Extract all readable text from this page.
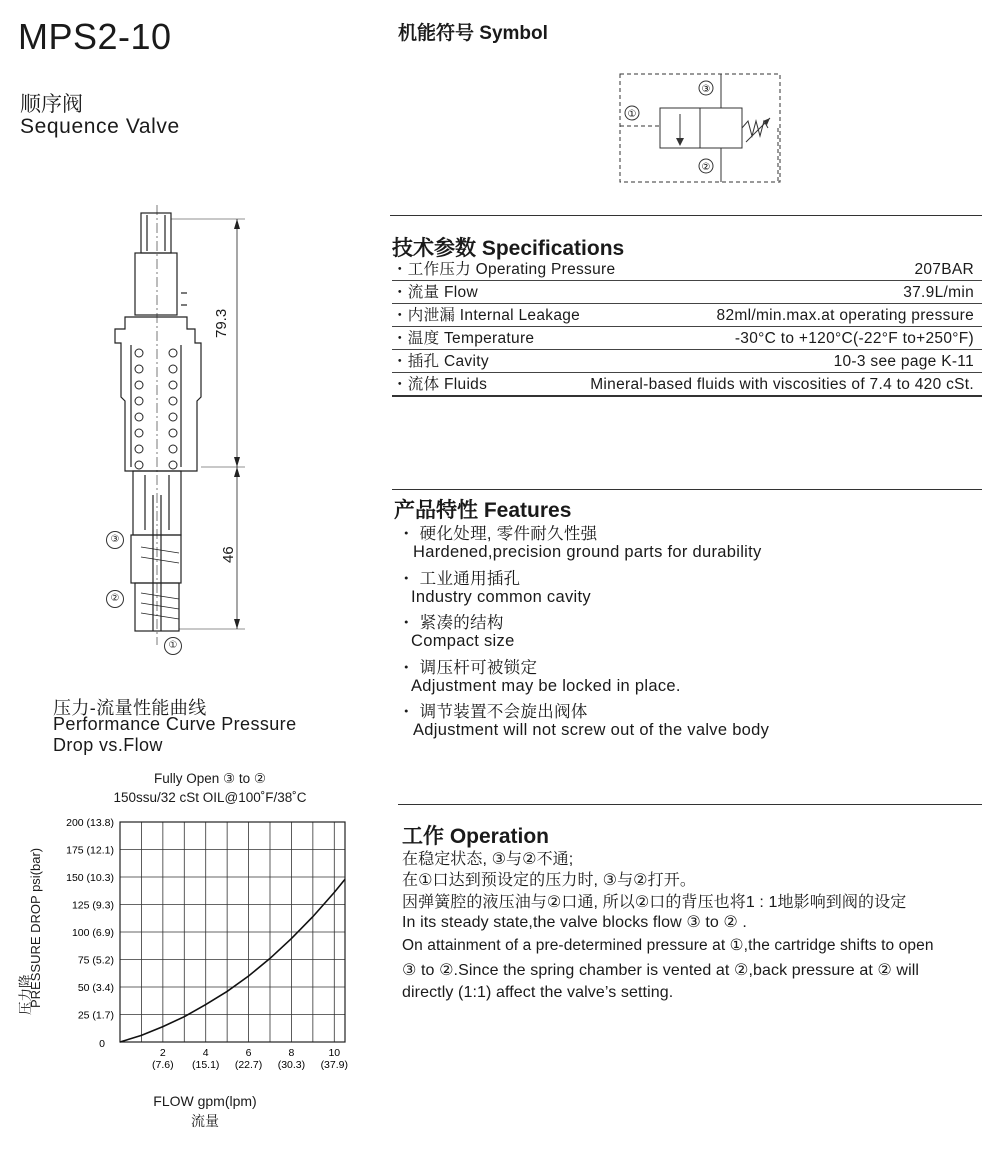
MPS2-10
顺序阀
Sequence Valve
机能符号 Symbol
①
③
②
79.3
46
③
②
①
技术参数 Specifications
・工作压力 Operating Pressure	207BAR
・流量 Flow	37.9L/min
・内泄漏 Internal Leakage	82ml/min.max.at operating pressure
・温度 Temperature	-30°C to +120°C(-22°F to+250°F)
・插孔 Cavity	10-3 see page K-11
・流体 Fluids	Mineral-based fluids with viscosities of 7.4 to 420 cSt.
产品特性 Features
・ 硬化处理, 零件耐久性强
Hardened,precision ground parts for durability
・ 工业通用插孔
Industry common cavity
・ 紧凑的结构
Compact size
・ 调压杆可被锁定
Adjustment may be locked in place.
・ 调节装置不会旋出阀体
Adjustment will not screw out of the valve body
工作 Operation
在稳定状态, ③与②不通;
在①口达到预设定的压力时, ③与②打开。
因弹簧腔的液压油与②口通, 所以②口的背压也将1 : 1地影响到阀的设定
In its steady state,the valve blocks flow ③ to ② .
On attainment of a pre-determined pressure at ①,the cartridge shifts to open
③ to ②.Since the spring chamber is vented at ②,back pressure at ② will
directly (1:1) affect the valve’s setting.
压力-流量性能曲线
Performance Curve Pressure
Drop vs.Flow
Fully Open ③ to ②
150ssu/32 cSt OIL@100˚F/38˚C
压力降
PRESSURE DROP psi(bar)
25 (1.7)
50 (3.4)
75 (5.2)
100 (6.9)
125 (9.3)
150 (10.3)
175 (12.1)
200 (13.8)
0
2
(7.6)
4
(15.1)
6
(22.7)
8
(30.3)
10
(37.9)
FLOW gpm(lpm)
流量
